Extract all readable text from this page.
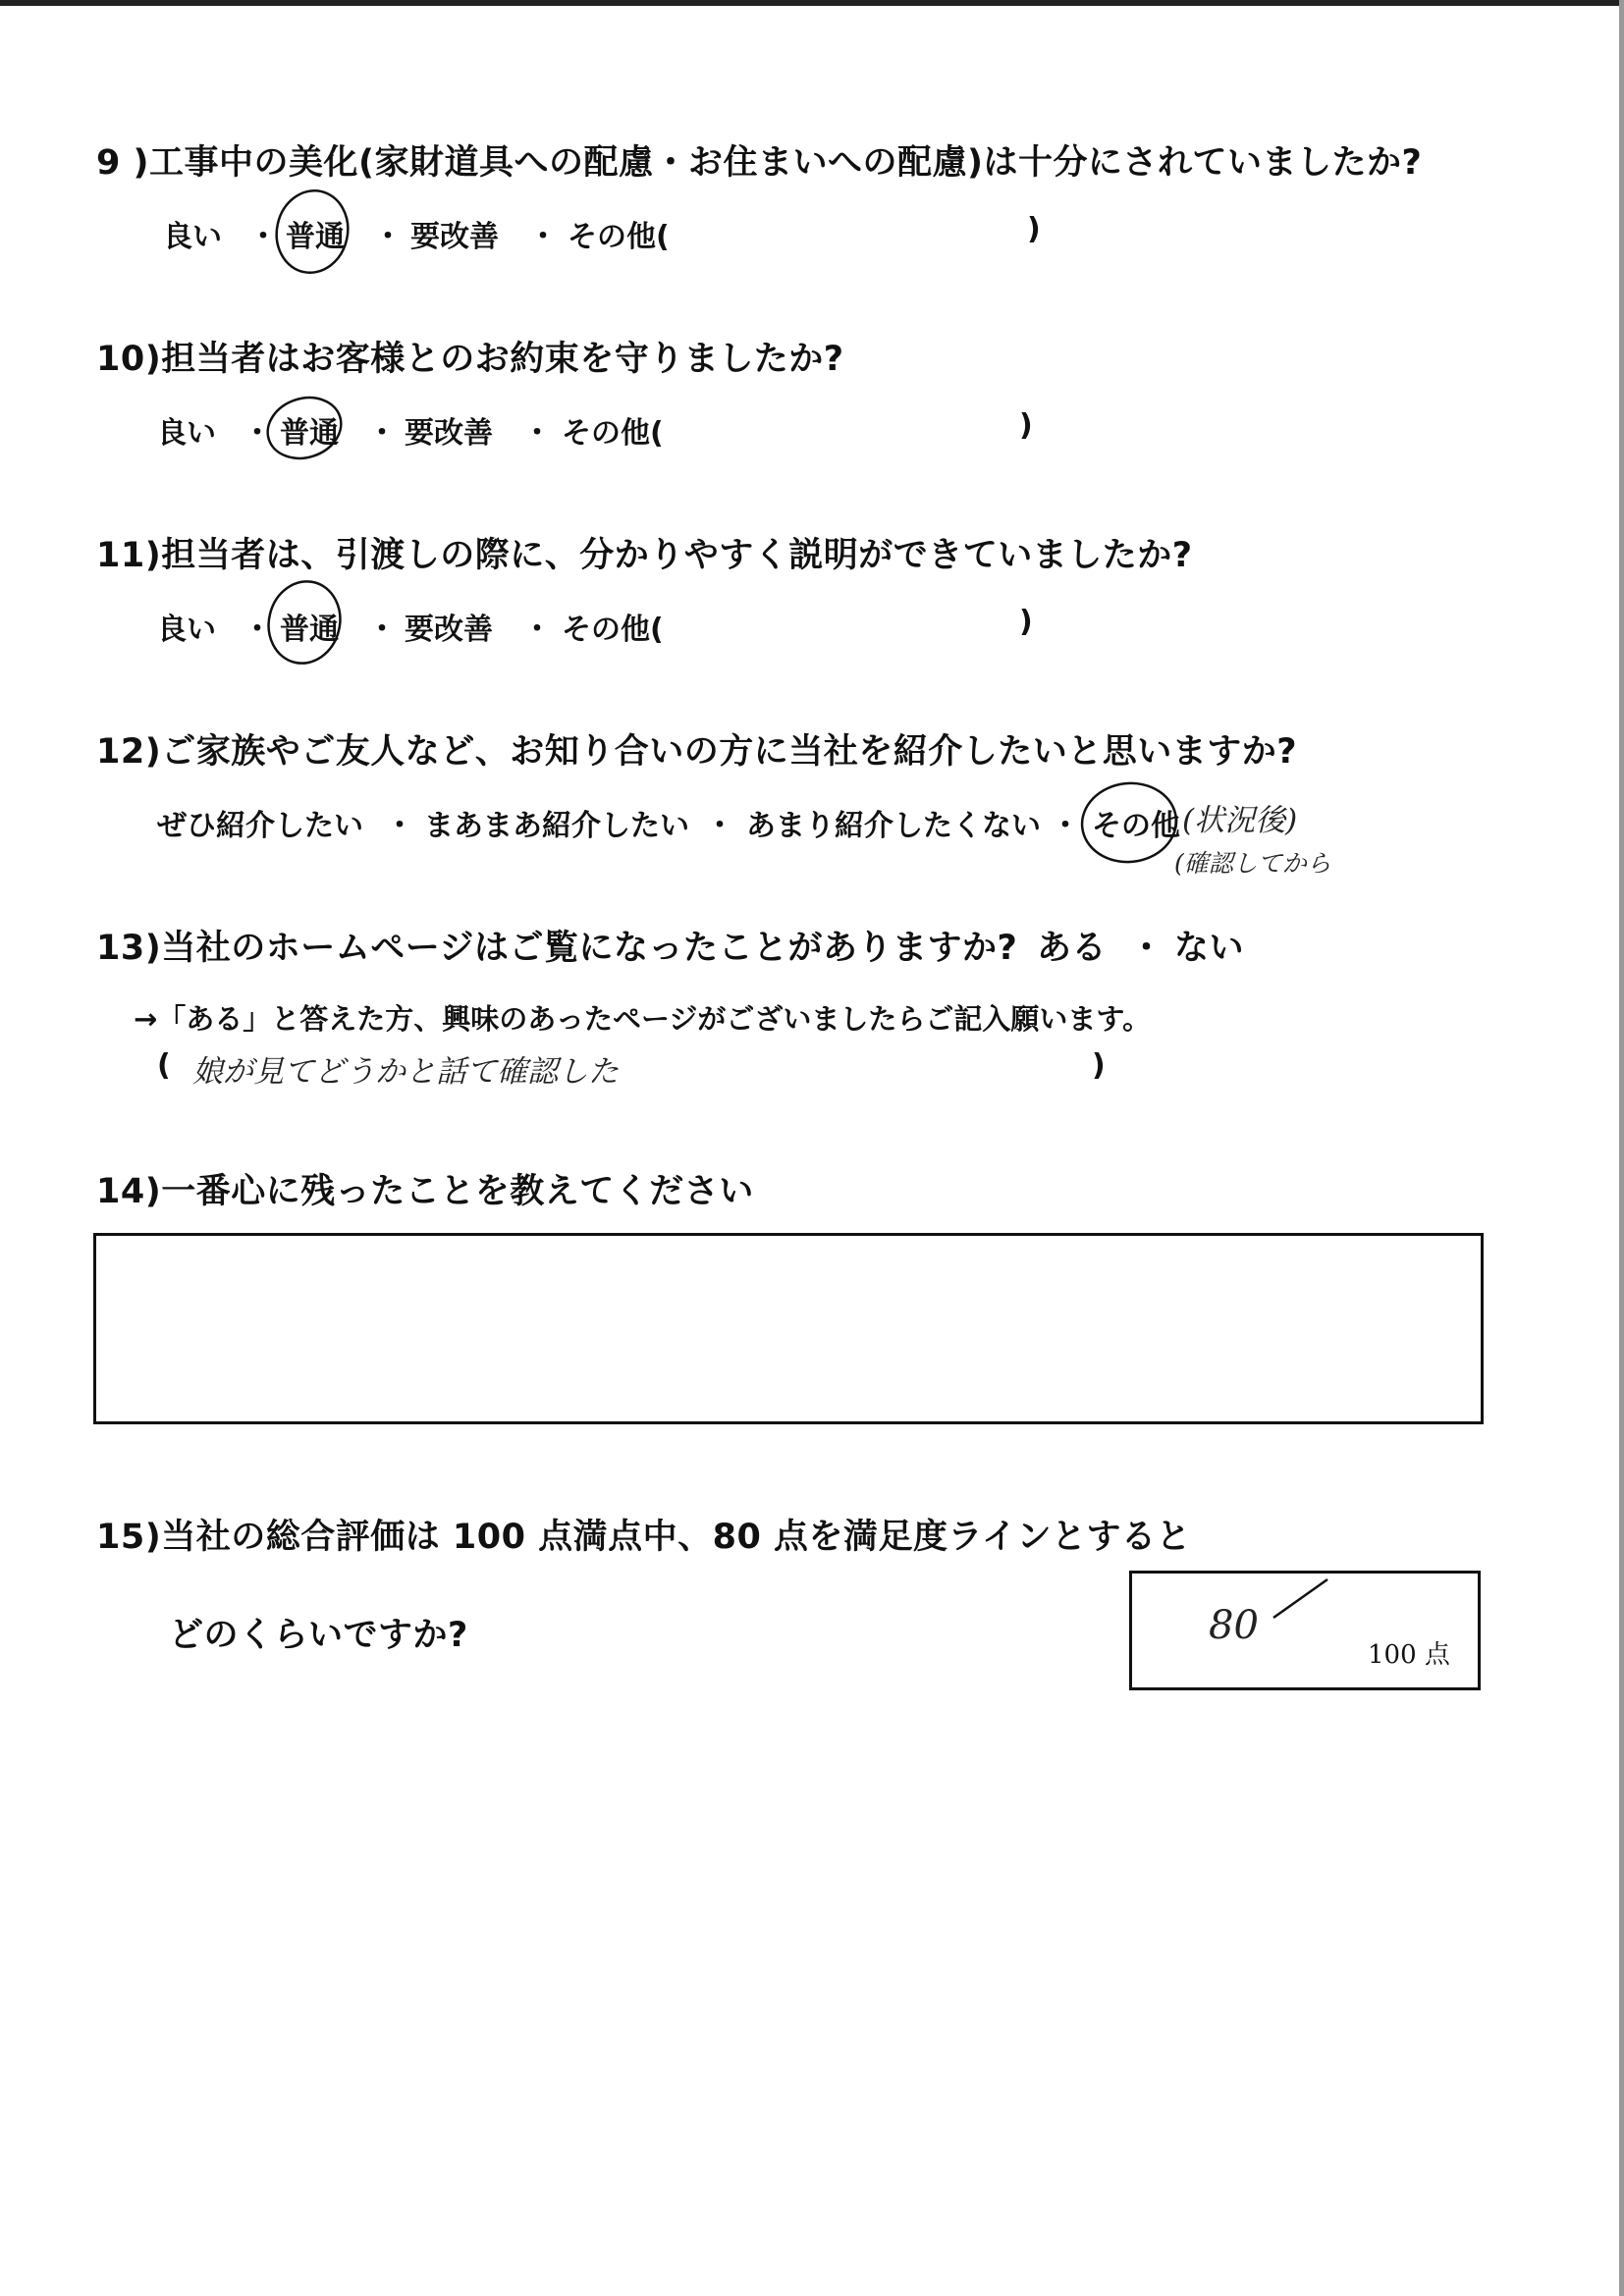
9 )工事中の美化(家財道具への配慮・お住まいへの配慮)は十分にされていましたか?
良い ・ 普通 ・ 要改善 ・ その他(	)
10)担当者はお客様とのお約束を守りましたか?
良い ・ 普通 ・ 要改善 ・ その他(	)
11)担当者は、引渡しの際に、分かりやすく説明ができていましたか?
良い ・ 普通 ・ 要改善 ・ その他(	)
12)ご家族やご友人など、お知り合いの方に当社を紹介したいと思いますか?
ぜひ紹介したい ・ まあまあ紹介したい ・ あまり紹介したくない ・ その他 (状況後)
(確認してから
13)当社のホームページはご覧になったことがありますか? ある ・ ない
→「ある」と答えた方、興味のあったページがございましたらご記入願います。
( 娘が見てどうかと話て確認した	)
14)一番心に残ったことを教えてください
15)当社の総合評価は 100 点満点中、80 点を満足度ラインとすると
どのくらいですか?	80
100 点
